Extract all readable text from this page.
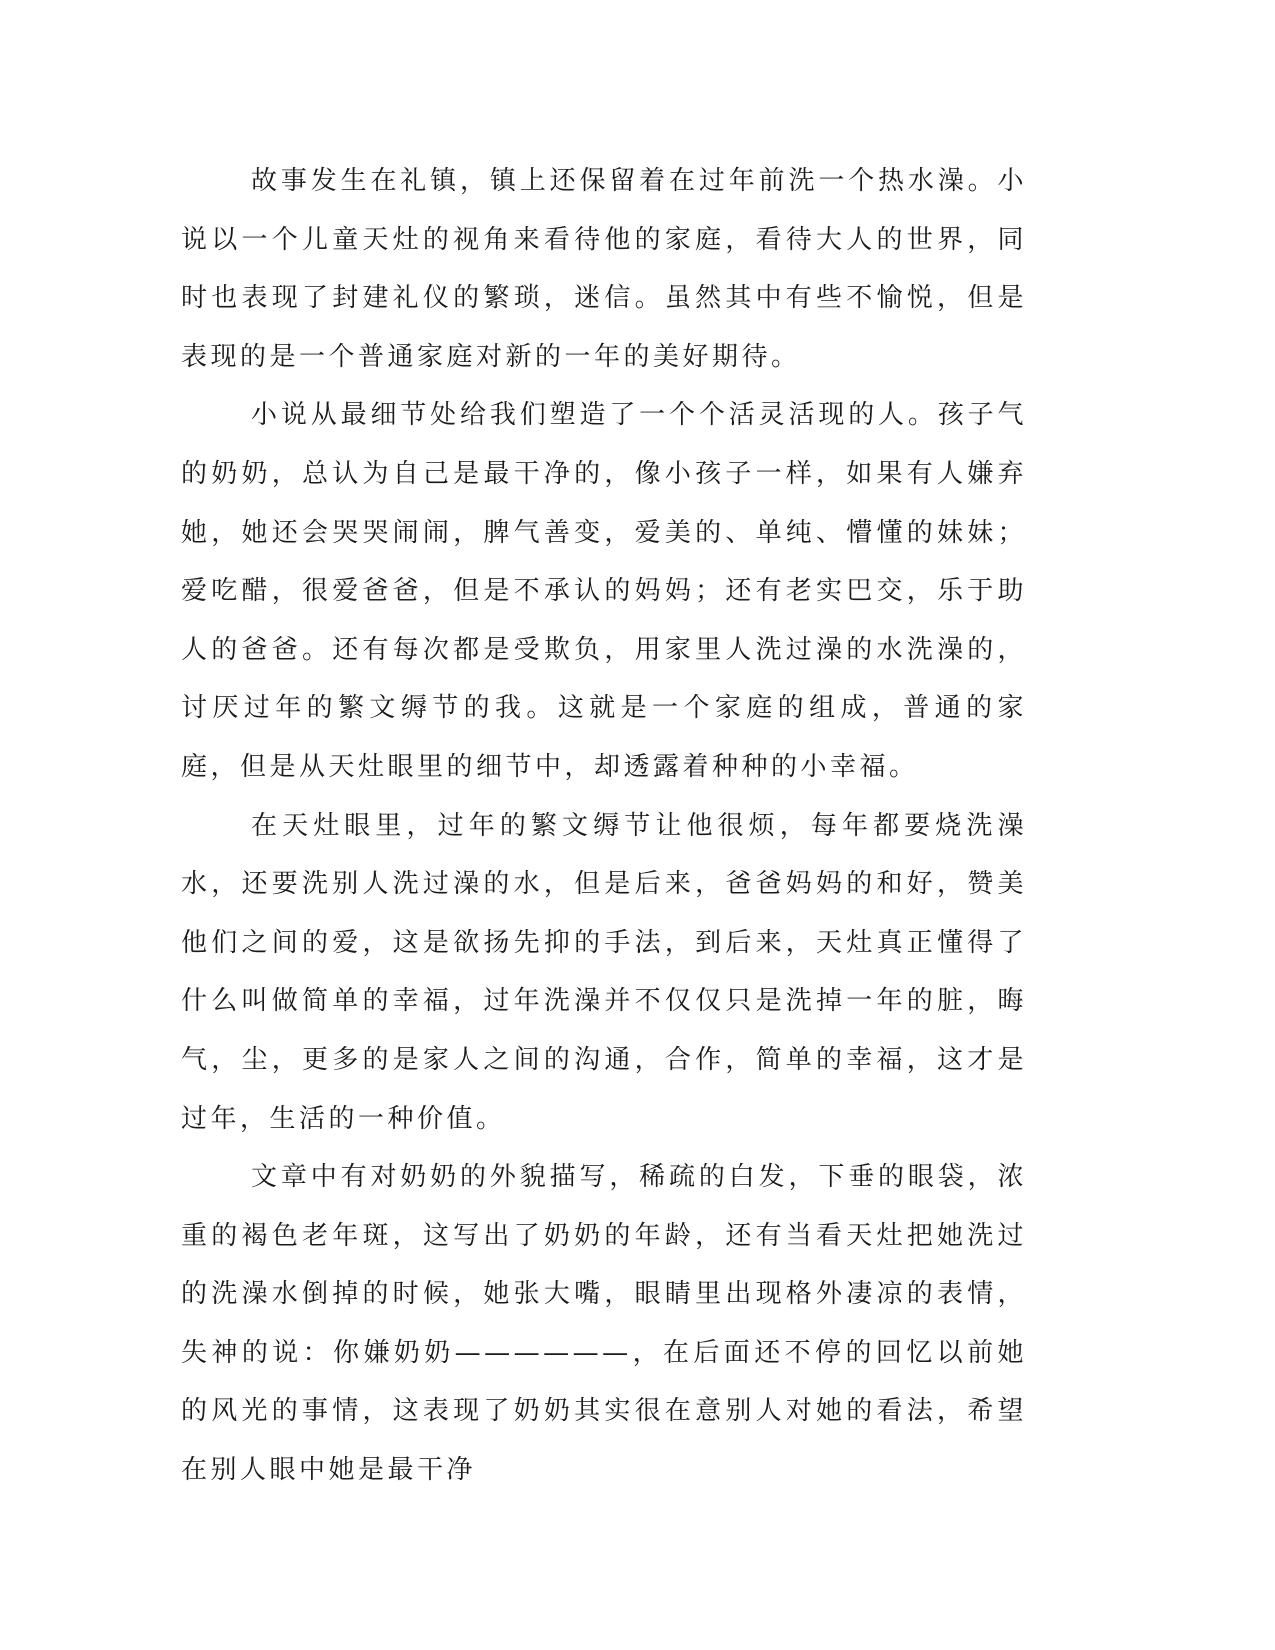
故事发生在礼镇，镇上还保留着在过年前洗一个热水澡。小说以一个儿童天灶的视角来看待他的家庭，看待大人的世界，同时也表现了封建礼仪的繁琐，迷信。虽然其中有些不愉悦，但是表现的是一个普通家庭对新的一年的美好期待。

小说从最细节处给我们塑造了一个个活灵活现的人。孩子气的奶奶，总认为自己是最干净的，像小孩子一样，如果有人嫌弃她，她还会哭哭闹闹，脾气善变，爱美的、单纯、懵懂的妹妹；爱吃醋，很爱爸爸，但是不承认的妈妈；还有老实巴交，乐于助人的爸爸。还有每次都是受欺负，用家里人洗过澡的水洗澡的，讨厌过年的繁文缛节的我。这就是一个家庭的组成，普通的家庭，但是从天灶眼里的细节中，却透露着种种的小幸福。

在天灶眼里，过年的繁文缛节让他很烦，每年都要烧洗澡水，还要洗别人洗过澡的水，但是后来，爸爸妈妈的和好，赞美他们之间的爱，这是欲扬先抑的手法，到后来，天灶真正懂得了什么叫做简单的幸福，过年洗澡并不仅仅只是洗掉一年的脏，晦气，尘，更多的是家人之间的沟通，合作，简单的幸福，这才是过年，生活的一种价值。

文章中有对奶奶的外貌描写，稀疏的白发，下垂的眼袋，浓重的褐色老年斑，这写出了奶奶的年龄，还有当看天灶把她洗过的洗澡水倒掉的时候，她张大嘴，眼睛里出现格外凄凉的表情，失神的说：你嫌奶奶——————，在后面还不停的回忆以前她的风光的事情，这表现了奶奶其实很在意别人对她的看法，希望在别人眼中她是最干净
